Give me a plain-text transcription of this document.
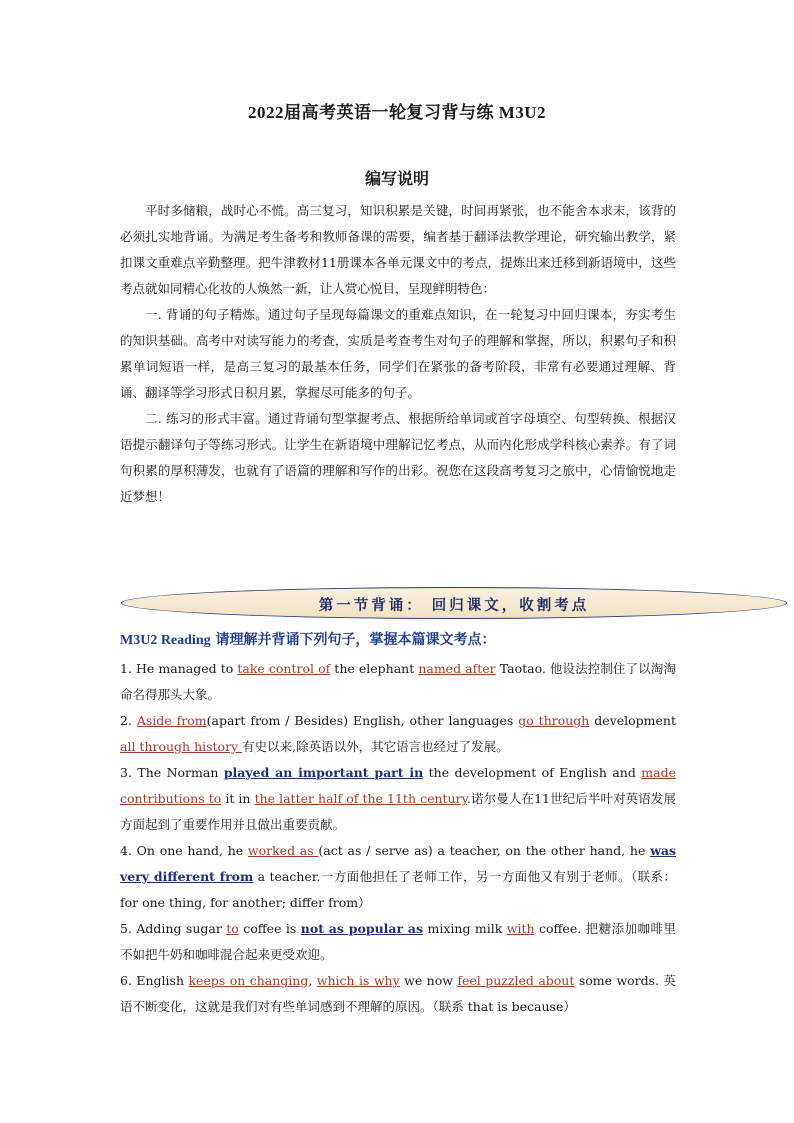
2022届高考英语一轮复习背与练 M3U2
编写说明

平时多储粮，战时心不慌。高三复习，知识积累是关键，时间再紧张，也不能舍本求末，该背的必须扎实地背诵。为满足考生备考和教师备课的需要，编者基于翻译法教学理论，研究输出教学，紧扣课文重难点辛勤整理。把牛津教材11册课本各单元课文中的考点，提炼出来迁移到新语境中，这些考点就如同精心化妆的人焕然一新，让人赏心悦目，呈现鲜明特色：

一. 背诵的句子精炼。通过句子呈现每篇课文的重难点知识，在一轮复习中回归课本，夯实考生的知识基础。高考中对读写能力的考查，实质是考查考生对句子的理解和掌握，所以，积累句子和积累单词短语一样，是高三复习的最基本任务，同学们在紧张的备考阶段，非常有必要通过理解、背诵、翻译等学习形式日积月累，掌握尽可能多的句子。

二. 练习的形式丰富。通过背诵句型掌握考点、根据所给单词或首字母填空、句型转换、根据汉语提示翻译句子等练习形式。让学生在新语境中理解记忆考点，从而内化形成学科核心素养。有了词句积累的厚积薄发，也就有了语篇的理解和写作的出彩。祝您在这段高考复习之旅中，心情愉悦地走近梦想！

第一节背诵： 回归课文，收割考点
M3U2 Reading 请理解并背诵下列句子，掌握本篇课文考点：

1. He managed to take control of the elephant named after Taotao. 他设法控制住了以淘淘命名得那头大象。

2. Aside from(apart from / Besides) English, other languages go through development all through history 有史以来,除英语以外，其它语言也经过了发展。

3. The Norman played an important part in the development of English and made contributions to it in the latter half of the 11th century.诺尔曼人在11世纪后半叶对英语发展方面起到了重要作用并且做出重要贡献。

4. On one hand, he worked as (act as / serve as) a teacher, on the other hand, he was very different from a teacher.一方面他担任了老师工作，另一方面他又有别于老师。（联系：for one thing, for another; differ from）

5. Adding sugar to coffee is not as popular as mixing milk with coffee. 把糖添加咖啡里不如把牛奶和咖啡混合起来更受欢迎。

6. English keeps on changing, which is why we now feel puzzled about some words. 英语不断变化，这就是我们对有些单词感到不理解的原因。（联系 that is because）
